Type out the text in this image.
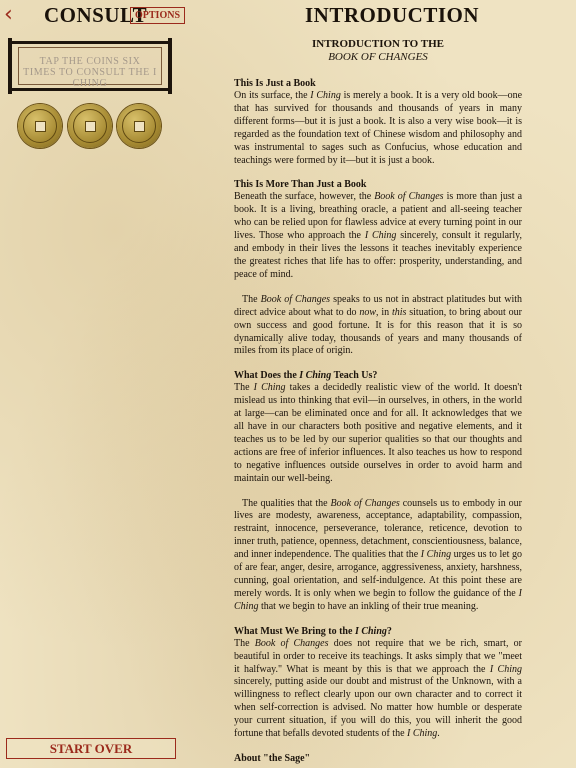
‹	CONSULT
OPTIONS	INTRODUCTION
TAP THE COINS SIX TIMES TO CONSULT THE I CHING
START OVER
INTRODUCTION TO THE
BOOK OF CHANGES
This Is Just a Book

On its surface, the I Ching is merely a book. It is a very old book—one that has survived for thousands and thousands of years in many different forms—but it is just a book. It is also a very wise book—it is regarded as the foundation text of Chinese wisdom and philosophy and was instrumental to sages such as Confucius, whose education and teachings were formed by it—but it is just a book.

This Is More Than Just a Book

Beneath the surface, however, the Book of Changes is more than just a book. It is a living, breathing oracle, a patient and all-seeing teacher who can be relied upon for flawless advice at every turning point in our lives. Those who approach the I Ching sincerely, consult it regularly, and embody in their lives the lessons it teaches inevitably experience the greatest riches that life has to offer: prosperity, understanding, and peace of mind.

The Book of Changes speaks to us not in abstract platitudes but with direct advice about what to do now, in this situation, to bring about our own success and good fortune. It is for this reason that it is so dynamically alive today, thousands of years and many thousands of miles from its place of origin.

What Does the I Ching Teach Us?

The I Ching takes a decidedly realistic view of the world. It doesn't mislead us into thinking that evil—in ourselves, in others, in the world at large—can be eliminated once and for all. It acknowledges that we all have in our characters both positive and negative elements, and it teaches us to be led by our superior qualities so that our thoughts and actions are free of inferior influences. It also teaches us how to respond to negative influences outside ourselves in order to avoid harm and maintain our well-being.

The qualities that the Book of Changes counsels us to embody in our lives are modesty, awareness, acceptance, adaptability, compassion, restraint, innocence, perseverance, tolerance, reticence, devotion to inner truth, patience, openness, detachment, conscientiousness, balance, and inner independence. The qualities that the I Ching urges us to let go of are fear, anger, desire, arrogance, aggressiveness, anxiety, harshness, cunning, goal orientation, and self-indulgence. At this point these are merely words. It is only when we begin to follow the guidance of the I Ching that we begin to have an inkling of their true meaning.

What Must We Bring to the I Ching?

The Book of Changes does not require that we be rich, smart, or beautiful in order to receive its teachings. It asks simply that we "meet it halfway." What is meant by this is that we approach the I Ching sincerely, putting aside our doubt and mistrust of the Unknown, with a willingness to reflect clearly upon our own character and to correct it when self-correction is advised. No matter how humble or desperate your current situation, if you will do this, you will inherit the good fortune that befalls devoted students of the I Ching.

About "the Sage"
